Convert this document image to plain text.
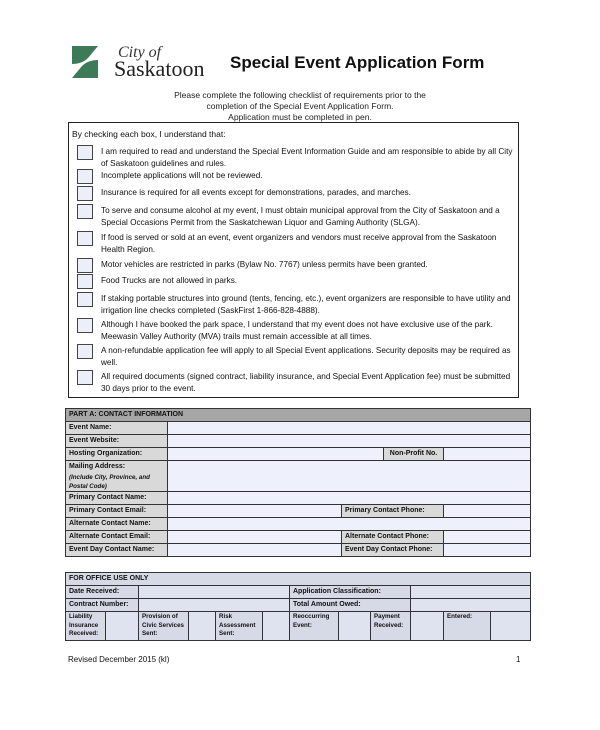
City of
Saskatoon Special Event Application Form
Please complete the following checklist of requirements prior to the
completion of the Special Event Application Form.
Application must be completed in pen.
By checking each box, I understand that:
I am required to read and understand the Special Event Information Guide and am responsible to abide by all City of Saskatoon guidelines and rules.
Incomplete applications will not be reviewed.
Insurance is required for all events except for demonstrations, parades, and marches.
To serve and consume alcohol at my event, I must obtain municipal approval from the City of Saskatoon and a Special Occasions Permit from the Saskatchewan Liquor and Gaming Authority (SLGA).
If food is served or sold at an event, event organizers and vendors must receive approval from the Saskatoon Health Region.
Motor vehicles are restricted in parks (Bylaw No. 7767) unless permits have been granted.
Food Trucks are not allowed in parks.
If staking portable structures into ground (tents, fencing, etc.), event organizers are responsible to have utility and irrigation line checks completed (SaskFirst 1-866-828-4888).
Although I have booked the park space, I understand that my event does not have exclusive use of the park. Meewasin Valley Authority (MVA) trails must remain accessible at all times.
A non-refundable application fee will apply to all Special Event applications. Security deposits may be required as well.
All required documents (signed contract, liability insurance, and Special Event Application fee) must be submitted 30 days prior to the event.
PART A: CONTACT INFORMATION				
Event Name:				
Event Website:				
Hosting Organization:			Non-Profit No.	

Mailing Address:
(Include City, Province, and Postal Code)				

Primary Contact Name:				
Primary Contact Email:		Primary Contact Phone:		
Alternate Contact Name:				
Alternate Contact Email:		Alternate Contact Phone:		
Event Day Contact Name:		Event Day Contact Phone:		
FOR OFFICE USE ONLY											
Date Received:						Application Classification:					
Contract Number:						Total Amount Owed:					
Liability Insurance Received:		Provision of Civic Services Sent:		Risk Assessment Sent:		Reoccurring Event:		Payment Received:		Entered:	
Revised December 2015 (kl)	1
